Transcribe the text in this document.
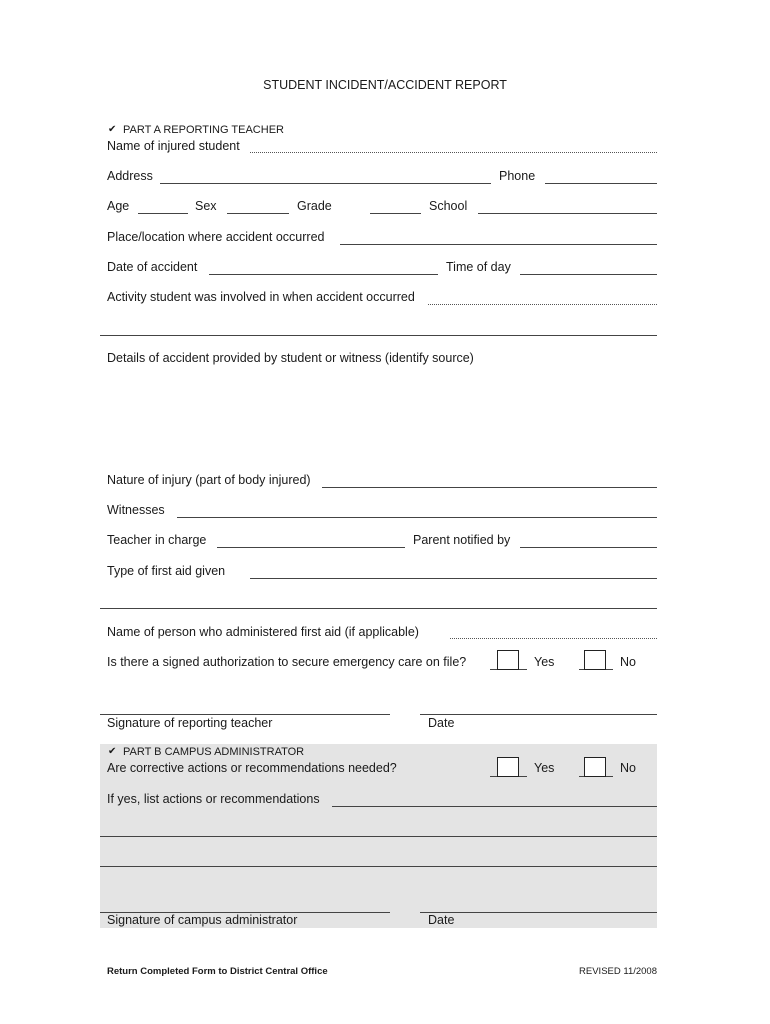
STUDENT INCIDENT/ACCIDENT REPORT
✔ PART A REPORTING TEACHER
Name of injured student
Address	Phone
Age	Sex	Grade	School
Place/location where accident occurred
Date of accident	Time of day
Activity student was involved in when accident occurred
Details of accident provided by student or witness (identify source)
Nature of injury (part of body injured)
Witnesses
Teacher in charge	Parent notified by
Type of first aid given
Name of person who administered first aid (if applicable)
Is there a signed authorization to secure emergency care on file?	Yes	No
Signature of reporting teacher	Date
✔ PART B CAMPUS ADMINISTRATOR
Are corrective actions or recommendations needed?	Yes	No
If yes, list actions or recommendations
Signature of campus administrator	Date
Return Completed Form to District Central Office	REVISED 11/2008
